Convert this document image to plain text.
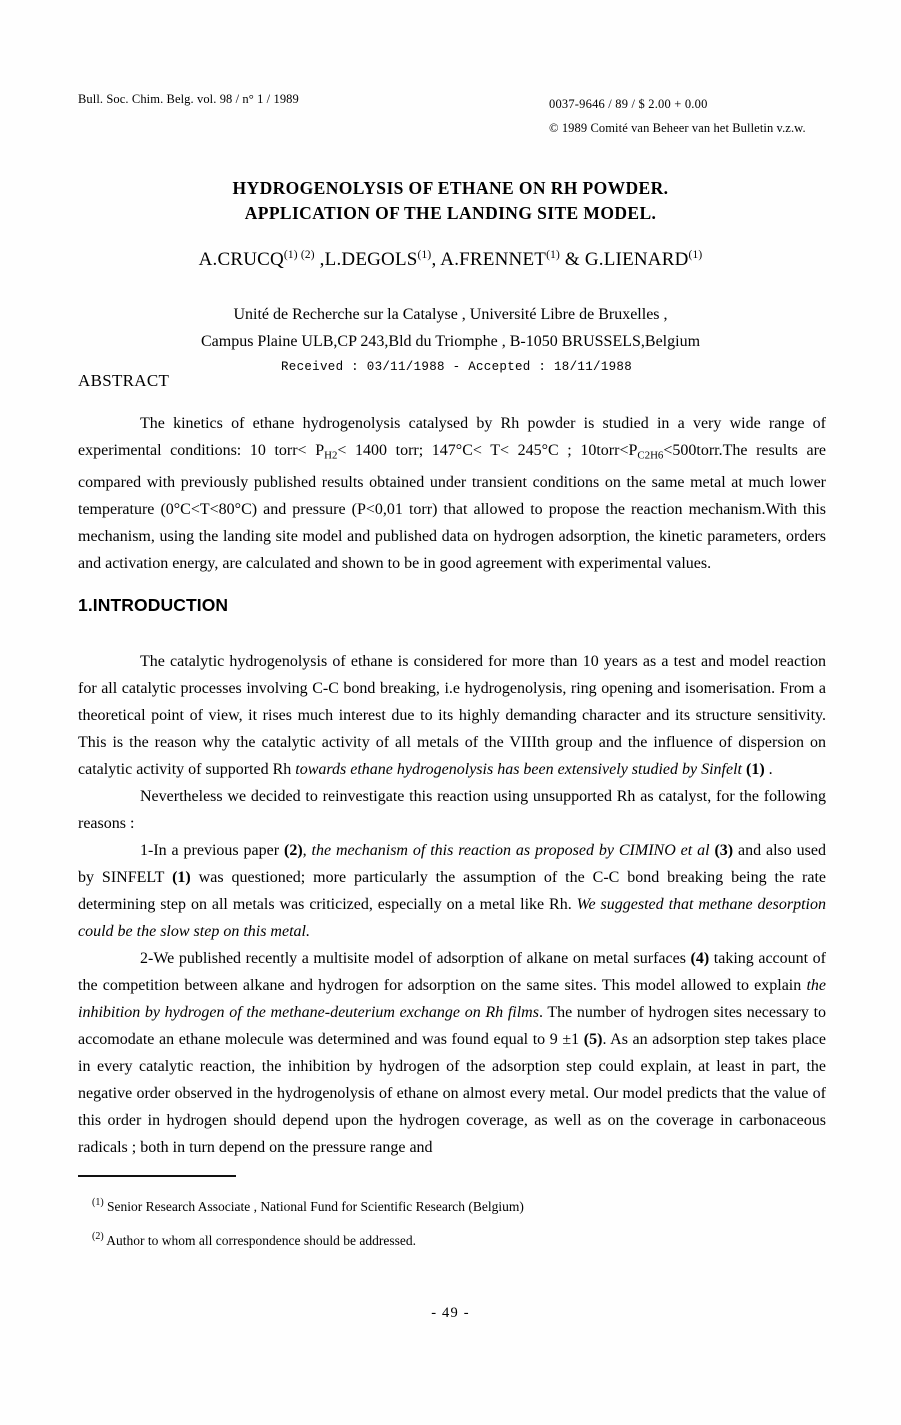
Bull. Soc. Chim. Belg. vol. 98 / n° 1 / 1989	0037-9646 / 89 / $ 2.00 + 0.00
© 1989 Comité van Beheer van het Bulletin v.z.w.
HYDROGENOLYSIS OF ETHANE ON RH POWDER.
APPLICATION OF THE LANDING SITE MODEL.
$A.CRUCQ^{(1) (2)}$ ,L.DEGOLS$^{(1)}$, A.FRENNET$^{(1)}$ & G.LIENARD$^{(1)}$
Unité de Recherche sur la Catalyse , Université Libre de Bruxelles ,
Campus Plaine ULB,CP 243,Bld du Triomphe , B-1050 BRUSSELS,Belgium
Received : 03/11/1988 - Accepted : 18/11/1988
ABSTRACT

The kinetics of ethane hydrogenolysis catalysed by Rh powder is studied in a very wide range of experimental conditions: 10 torr< $P_{H2}< 1400$ torr; 147°C< T< 245°C ; $10torr<P_{C2H6}<500torr.The$ results are compared with previously published results obtained under transient conditions on the same metal at much lower temperature (0°C<T<80°C) and pressure (P<0,01 torr) that allowed to propose the reaction mechanism.With this mechanism, using the landing site model and published data on hydrogen adsorption, the kinetic parameters, orders and activation energy, are calculated and shown to be in good agreement with experimental values.

1.INTRODUCTION

The catalytic hydrogenolysis of ethane is considered for more than 10 years as a test and model reaction for all catalytic processes involving C-C bond breaking, i.e hydrogenolysis, ring opening and isomerisation. From a theoretical point of view, it rises much interest due to its highly demanding character and its structure sensitivity. This is the reason why the catalytic activity of all metals of the VIIIth group and the influence of dispersion on catalytic activity of supported Rh towards ethane hydrogenolysis has been extensively studied by Sinfelt (1) .

Nevertheless we decided to reinvestigate this reaction using unsupported Rh as catalyst, for the following reasons :

1-In a previous paper (2), the mechanism of this reaction as proposed by CIMINO et al (3) and also used by SINFELT (1) was questioned; more particularly the assumption of the C-C bond breaking being the rate determining step on all metals was criticized, especially on a metal like Rh. We suggested that methane desorption could be the slow step on this metal.

2-We published recently a multisite model of adsorption of alkane on metal surfaces (4) taking account of the competition between alkane and hydrogen for adsorption on the same sites. This model allowed to explain the inhibition by hydrogen of the methane-deuterium exchange on Rh films. The number of hydrogen sites necessary to accomodate an ethane molecule was determined and was found equal to 9 ±1 (5). As an adsorption step takes place in every catalytic reaction, the inhibition by hydrogen of the adsorption step could explain, at least in part, the negative order observed in the hydrogenolysis of ethane on almost every metal. Our model predicts that the value of this order in hydrogen should depend upon the hydrogen coverage, as well as on the coverage in carbonaceous radicals ; both in turn depend on the pressure range and

$^{(1)}$ Senior Research Associate , National Fund for Scientific Research (Belgium)
$^{(2)}$ Author to whom all correspondence should be addressed.
- 49 -
